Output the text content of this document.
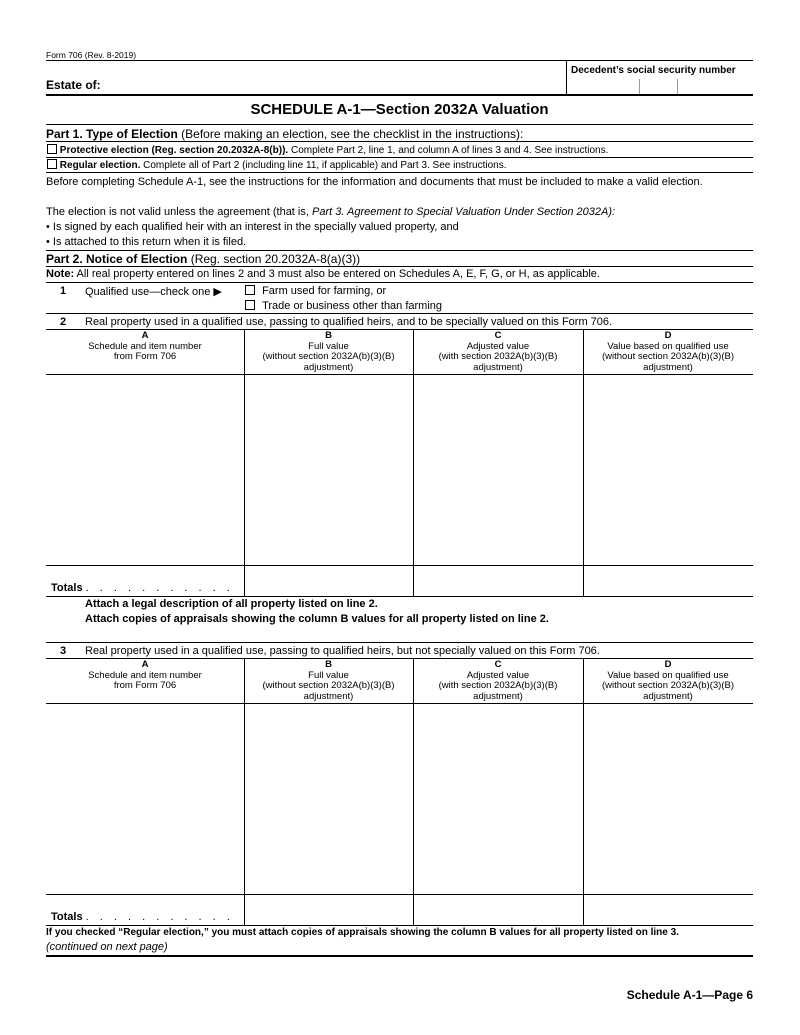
Form 706 (Rev. 8-2019)
Decedent’s social security number
Estate of:
SCHEDULE A-1—Section 2032A Valuation
Part 1. Type of Election (Before making an election, see the checklist in the instructions):
Protective election (Reg. section 20.2032A-8(b)). Complete Part 2, line 1, and column A of lines 3 and 4. See instructions.
Regular election. Complete all of Part 2 (including line 11, if applicable) and Part 3. See instructions.
Before completing Schedule A-1, see the instructions for the information and documents that must be included to make a valid election.
The election is not valid unless the agreement (that is, Part 3. Agreement to Special Valuation Under Section 2032A):
• Is signed by each qualified heir with an interest in the specially valued property, and
• Is attached to this return when it is filed.
Part 2. Notice of Election (Reg. section 20.2032A-8(a)(3))
Note: All real property entered on lines 2 and 3 must also be entered on Schedules A, E, F, G, or H, as applicable.
1 Qualified use—check one ▶	Farm used for farming, or
Trade or business other than farming
2 Real property used in a qualified use, passing to qualified heirs, and to be specially valued on this Form 706.
A
Schedule and item number
from Form 706
B
Full value
(without section 2032A(b)(3)(B)
adjustment)
C
Adjusted value
(with section 2032A(b)(3)(B)
adjustment)
D
Value based on qualified use
(without section 2032A(b)(3)(B)
adjustment)
Totals . . . . . . . . . . .
Attach a legal description of all property listed on line 2.
Attach copies of appraisals showing the column B values for all property listed on line 2.
3 Real property used in a qualified use, passing to qualified heirs, but not specially valued on this Form 706.
A
Schedule and item number
from Form 706
B
Full value
(without section 2032A(b)(3)(B)
adjustment)
C
Adjusted value
(with section 2032A(b)(3)(B)
adjustment)
D
Value based on qualified use
(without section 2032A(b)(3)(B)
adjustment)
Totals . . . . . . . . . . .
If you checked “Regular election,” you must attach copies of appraisals showing the column B values for all property listed on line 3.
(continued on next page)
Schedule A-1—Page 6
